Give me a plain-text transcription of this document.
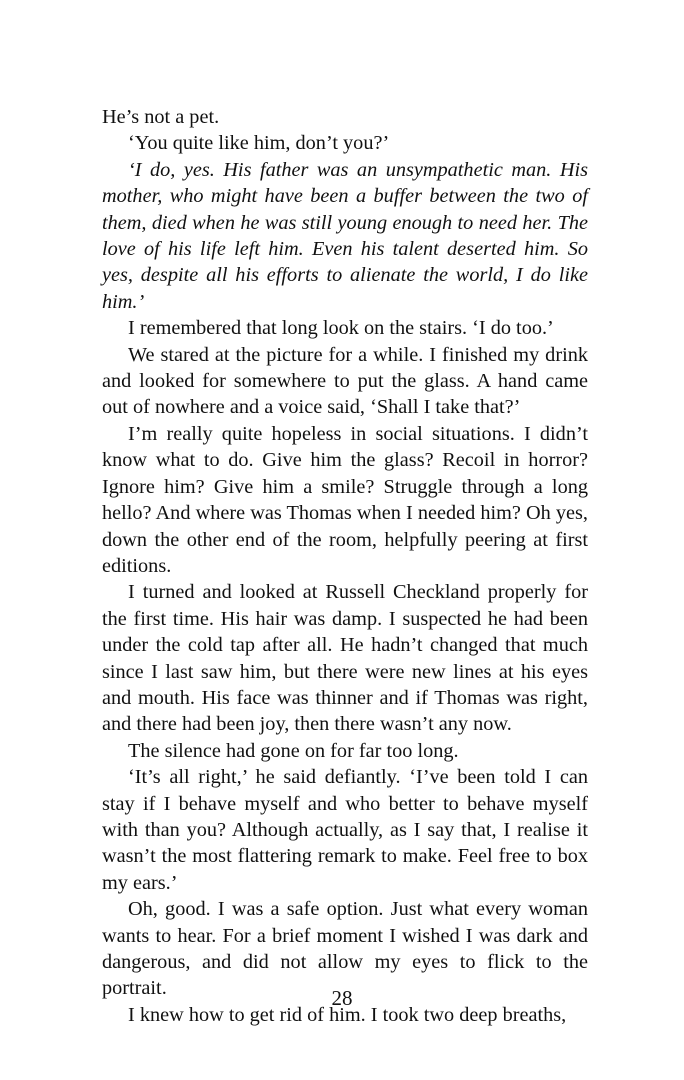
He’s not a pet.

‘You quite like him, don’t you?’

‘I do, yes. His father was an unsympathetic man. His mother, who might have been a buffer between the two of them, died when he was still young enough to need her. The love of his life left him. Even his talent deserted him. So yes, despite all his efforts to alienate the world, I do like him.’

I remembered that long look on the stairs. ‘I do too.’

We stared at the picture for a while. I finished my drink and looked for somewhere to put the glass. A hand came out of nowhere and a voice said, ‘Shall I take that?’

I’m really quite hopeless in social situations. I didn’t know what to do. Give him the glass? Recoil in horror? Ignore him? Give him a smile? Struggle through a long hello? And where was Thomas when I needed him? Oh yes, down the other end of the room, helpfully peering at first editions.

I turned and looked at Russell Checkland properly for the first time. His hair was damp. I suspected he had been under the cold tap after all. He hadn’t changed that much since I last saw him, but there were new lines at his eyes and mouth. His face was thinner and if Thomas was right, and there had been joy, then there wasn’t any now.

The silence had gone on for far too long.

‘It’s all right,’ he said defiantly. ‘I’ve been told I can stay if I behave myself and who better to behave myself with than you? Although actually, as I say that, I realise it wasn’t the most flattering remark to make. Feel free to box my ears.’

Oh, good. I was a safe option. Just what every woman wants to hear. For a brief moment I wished I was dark and dangerous, and did not allow my eyes to flick to the portrait.

I knew how to get rid of him. I took two deep breaths,

28
